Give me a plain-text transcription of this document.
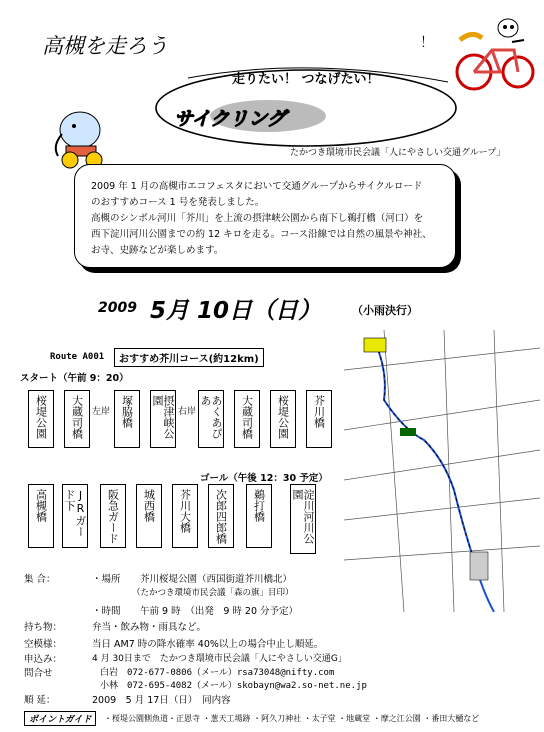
高槻を走ろう	！
走りたい！ つなげたい！
サイクリング
たかつき環境市民会議「人にやさしい交通グループ」
2009 年 1 月の高槻市エコフェスタにおいて交通グループからサイクルロード
のおすすめコース 1 号を発表しました。
高槻のシンボル河川「芥川」を上流の摂津峡公園から南下し鵜打橋（河口）を
西下淀川河川公園までの約 12 キロを走る。コース沿線では自然の風景や神社、
お寺、史跡などが楽しめます。
2009 5月 10日（日）	（小雨決行）
Route A001	おすすめ芥川コース(約12km)
スタート（午前 9：20）
桜堤公園 大蔵司橋	塚脇橋	摂津峡公園	あくあぴあ	大蔵司橋 桜堤公園 芥川橋
左岸	右岸
ゴール（午後 12：30 予定）
高槻橋	JRガード下	阪急ガード 城西橋 芥川大橋 次郎四郎橋 鵜打橋	淀川河川公園
集 合：	・場所 芥川桜堤公園（西国街道芥川橋北）
（たかつき環境市民会議「森の旗」目印）
・時間 午前 9 時　（出発　9 時 20 分予定）
持ち物：	弁当・飲み物・雨具など。
空模様：	当日 AM7 時の降水確率 40%以上の場合中止し順延。
申込み：	4 月 30日まで　たかつき環境市民会議「人にやさしい交通G」
問合せ	白岩　072-677-0806（メール）rsa73048@nifty.com
小林　072-695-4082（メール）skobayn@wa2.so-net.ne.jp
順 延：	2009　5 月 17日（日）　同内容
ポイントガイド	・桜堤公園側魚道・正恩寺 ・葱天工場跡 ・阿久刀神社 ・太子堂 ・地蔵堂 ・摩之江公園 ・番田大樋など
